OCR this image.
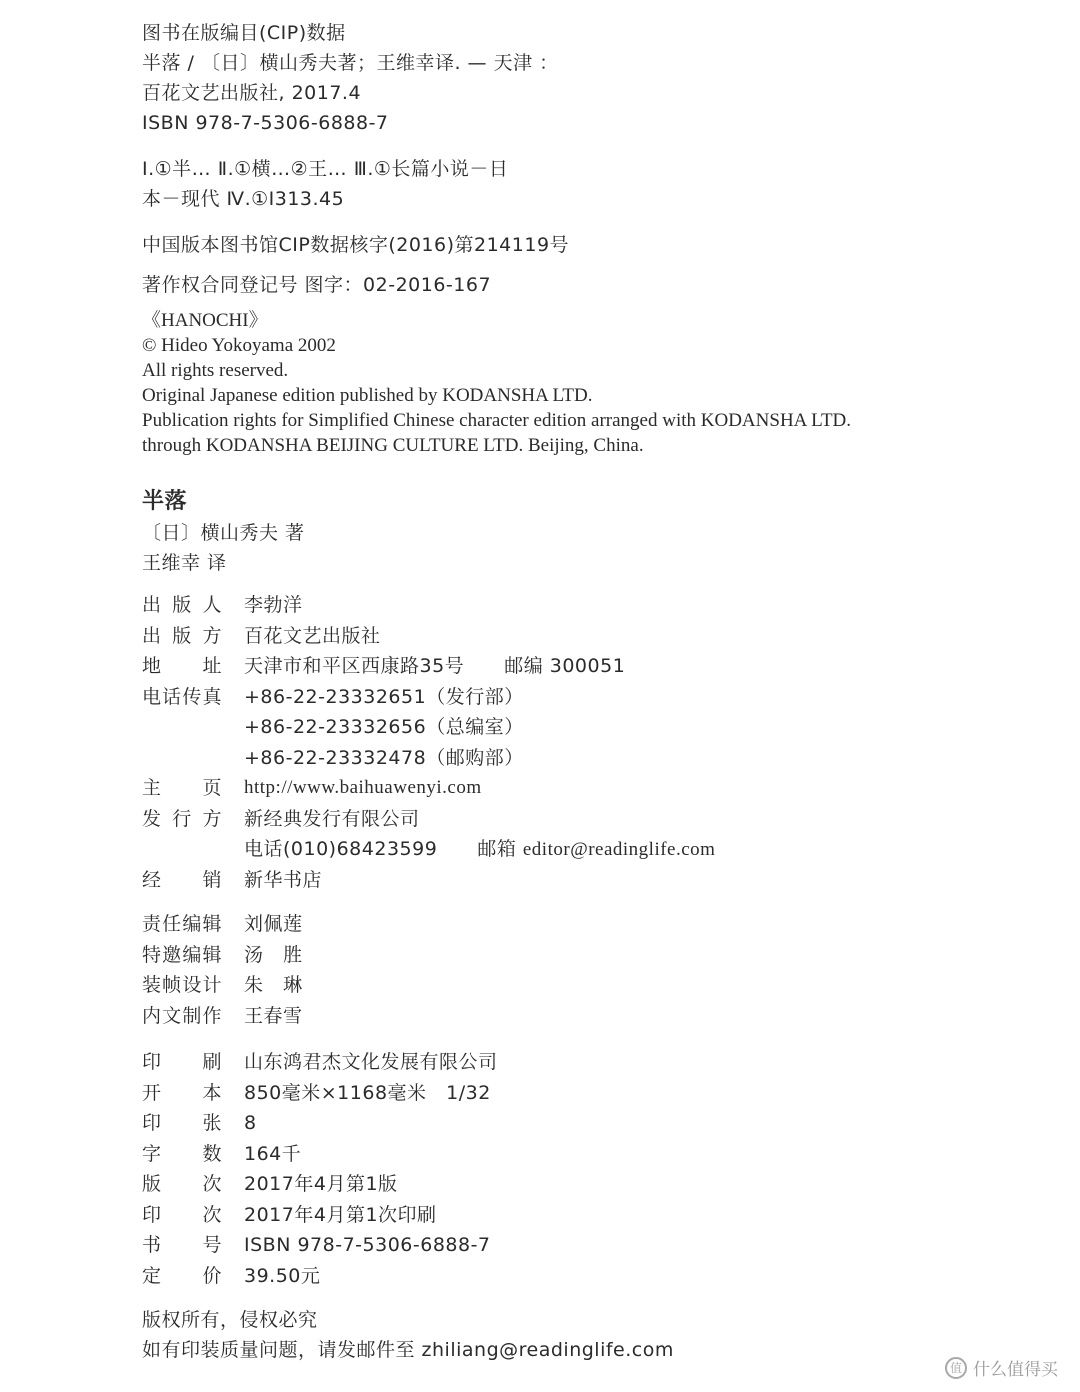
图书在版编目(CIP)数据
半落 / 〔日〕横山秀夫著；王维幸译. — 天津 ：
百花文艺出版社, 2017.4
ISBN 978-7-5306-6888-7
Ⅰ.①半… Ⅱ.①横…②王… Ⅲ.①长篇小说－日
本－现代 Ⅳ.①I313.45
中国版本图书馆CIP数据核字(2016)第214119号
著作权合同登记号 图字：02-2016-167
《HANOCHI》
© Hideo Yokoyama 2002
All rights reserved.
Original Japanese edition published by KODANSHA LTD.
Publication rights for Simplified Chinese character edition arranged with KODANSHA LTD.
through KODANSHA BEIJING CULTURE LTD. Beijing, China.
半落
〔日〕横山秀夫 著
王维幸 译
出 版 人 李勃洋
出 版 方 百花文艺出版社
地 址 天津市和平区西康路35号 邮编 300051
电 话 传 真 +86-22-23332651（发行部）
+86-22-23332656（总编室）
+86-22-23332478（邮购部）
主 页 http://www.baihuawenyi.com
发 行 方 新经典发行有限公司
电话(010)68423599 邮箱 editor@readinglife.com
经 销 新华书店
责 任 编 辑 刘佩莲
特 邀 编 辑 汤   胜
装 帧 设 计 朱   琳
内 文 制 作 王春雪
印 刷 山东鸿君杰文化发展有限公司
开 本 850毫米×1168毫米   1/32
印 张 8
字 数 164千
版 次 2017年4月第1版
印 次 2017年4月第1次印刷
书 号 ISBN 978-7-5306-6888-7
定 价 39.50元
版权所有，侵权必究
如有印装质量问题，请发邮件至 zhiliang@readinglife.com
值 什么值得买
